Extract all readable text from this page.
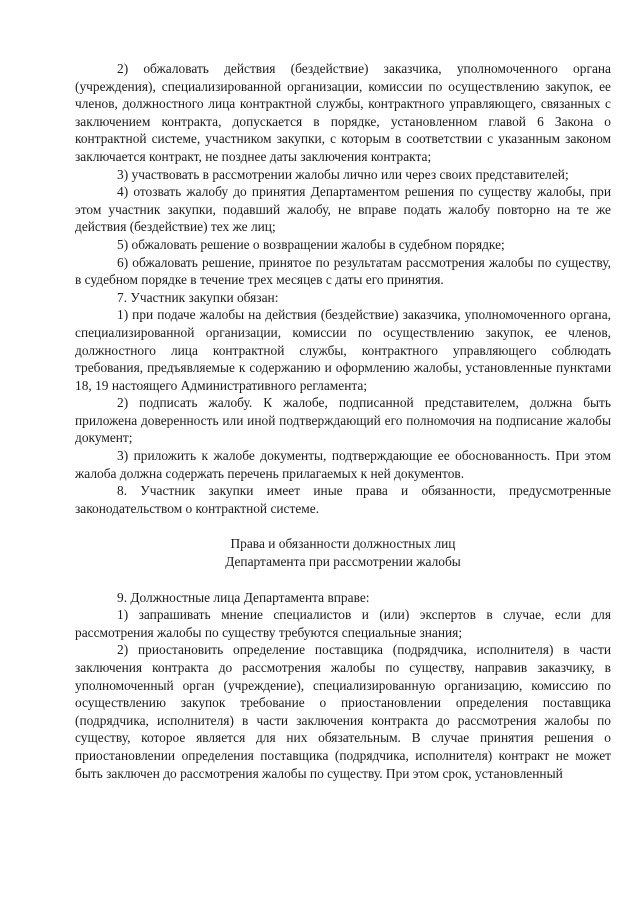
2) обжаловать действия (бездействие) заказчика, уполномоченного органа (учреждения), специализированной организации, комиссии по осуществлению закупок, ее членов, должностного лица контрактной службы, контрактного управляющего, связанных с заключением контракта, допускается в порядке, установленном главой 6 Закона о контрактной системе, участником закупки, с которым в соответствии с указанным законом заключается контракт, не позднее даты заключения контракта;

3) участвовать в рассмотрении жалобы лично или через своих представителей;

4) отозвать жалобу до принятия Департаментом решения по существу жалобы, при этом участник закупки, подавший жалобу, не вправе подать жалобу повторно на те же действия (бездействие) тех же лиц;

5) обжаловать решение о возвращении жалобы в судебном порядке;

6) обжаловать решение, принятое по результатам рассмотрения жалобы по существу, в судебном порядке в течение трех месяцев с даты его принятия.

7. Участник закупки обязан:

1) при подаче жалобы на действия (бездействие) заказчика, уполномоченного органа, специализированной организации, комиссии по осуществлению закупок, ее членов, должностного лица контрактной службы, контрактного управляющего соблюдать требования, предъявляемые к содержанию и оформлению жалобы, установленные пунктами 18, 19 настоящего Административного регламента;

2) подписать жалобу. К жалобе, подписанной представителем, должна быть приложена доверенность или иной подтверждающий его полномочия на подписание жалобы документ;

3) приложить к жалобе документы, подтверждающие ее обоснованность. При этом жалоба должна содержать перечень прилагаемых к ней документов.

8. Участник закупки имеет иные права и обязанности, предусмотренные законодательством о контрактной системе.

Права и обязанности должностных лиц

Департамента при рассмотрении жалобы

9. Должностные лица Департамента вправе:

1) запрашивать мнение специалистов и (или) экспертов в случае, если для рассмотрения жалобы по существу требуются специальные знания;

2) приостановить определение поставщика (подрядчика, исполнителя) в части заключения контракта до рассмотрения жалобы по существу, направив заказчику, в уполномоченный орган (учреждение), специализированную организацию, комиссию по осуществлению закупок требование о приостановлении определения поставщика (подрядчика, исполнителя) в части заключения контракта до рассмотрения жалобы по существу, которое является для них обязательным. В случае принятия решения о приостановлении определения поставщика (подрядчика, исполнителя) контракт не может быть заключен до рассмотрения жалобы по существу. При этом срок, установленный
